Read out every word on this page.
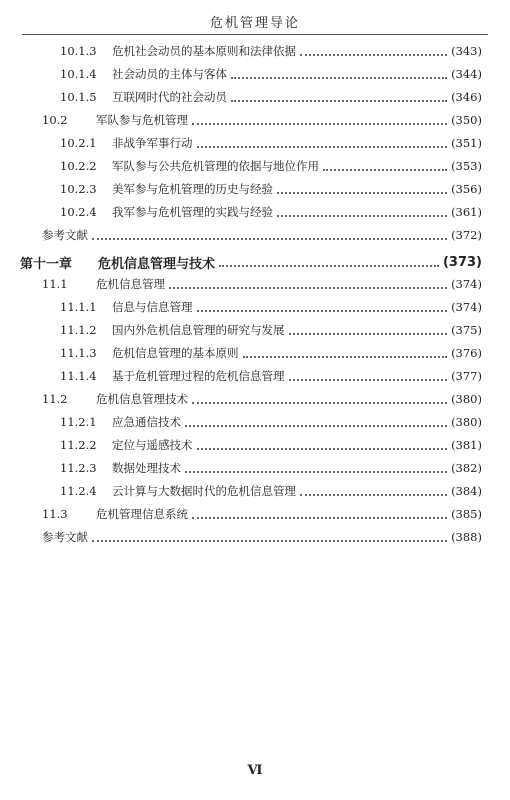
危机管理导论
10.1.3	危机社会动员的基本原则和法律依据	(343)
10.1.4	社会动员的主体与客体	(344)
10.1.5	互联网时代的社会动员	(346)
10.2	军队参与危机管理	(350)
10.2.1	非战争军事行动	(351)
10.2.2	军队参与公共危机管理的依据与地位作用	(353)
10.2.3	美军参与危机管理的历史与经验	(356)
10.2.4	我军参与危机管理的实践与经验	(361)
参考文献	(372)
第十一章	危机信息管理与技术	(373)
11.1	危机信息管理	(374)
11.1.1	信息与信息管理	(374)
11.1.2	国内外危机信息管理的研究与发展	(375)
11.1.3	危机信息管理的基本原则	(376)
11.1.4	基于危机管理过程的危机信息管理	(377)
11.2	危机信息管理技术	(380)
11.2.1	应急通信技术	(380)
11.2.2	定位与遥感技术	(381)
11.2.3	数据处理技术	(382)
11.2.4	云计算与大数据时代的危机信息管理	(384)
11.3	危机管理信息系统	(385)
参考文献	(388)
Ⅵ
